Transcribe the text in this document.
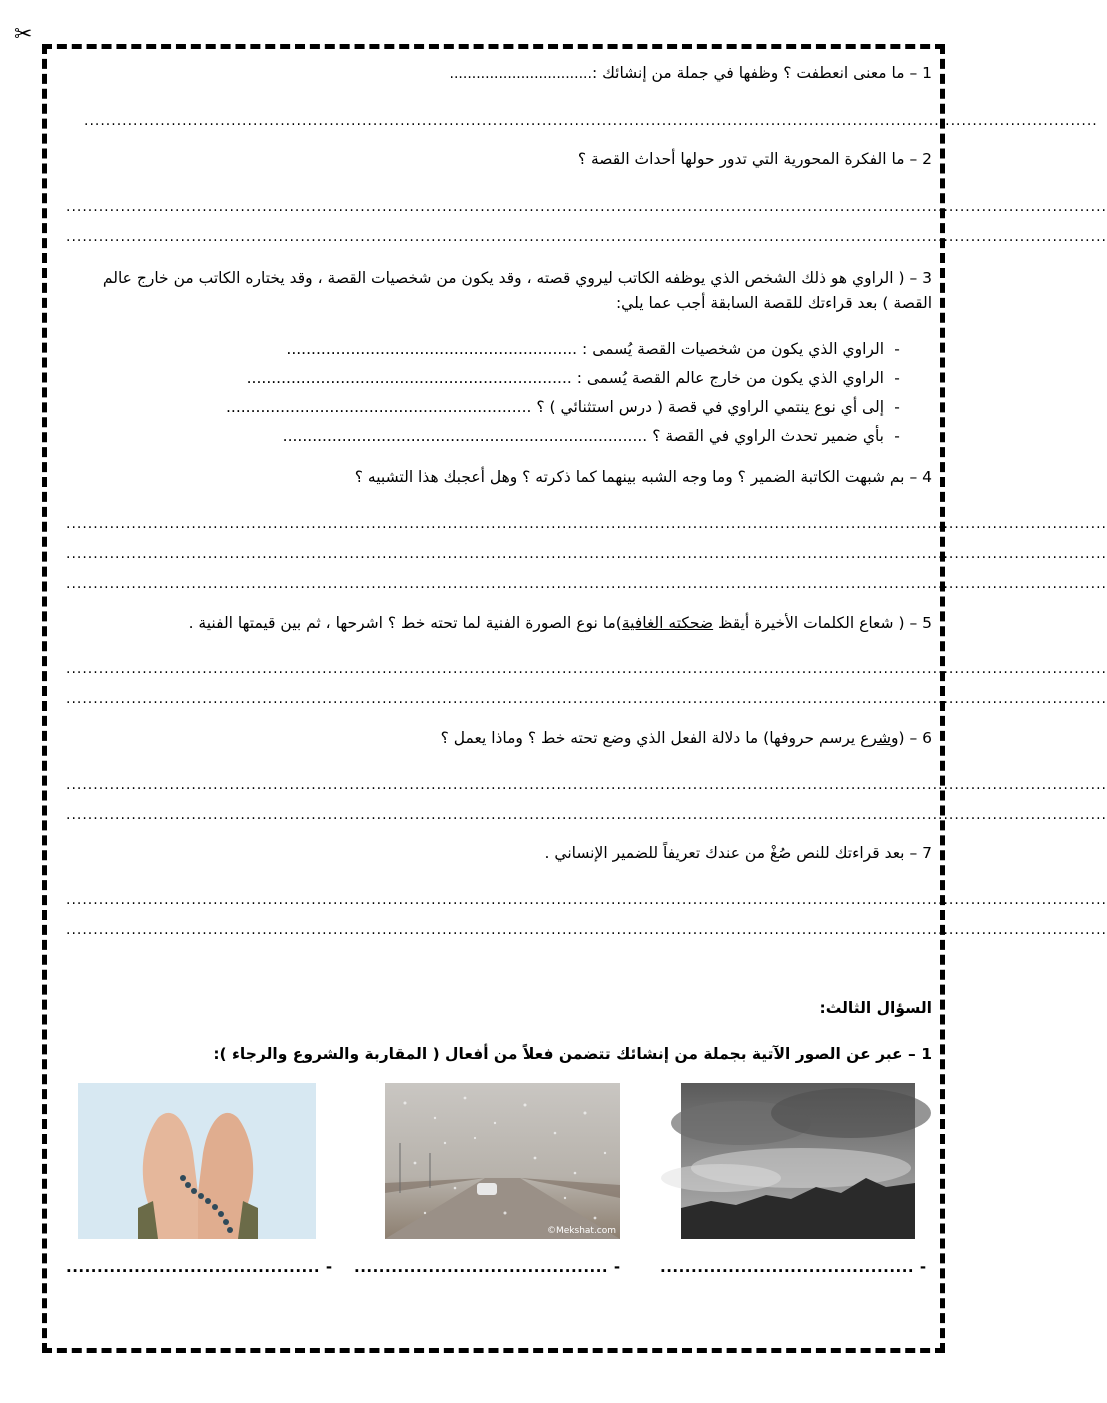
✂
1 – ما معنى انعطفت ؟ وظفها في جملة من إنشائك :................................
..........................................................................................................................................................................................
2 – ما الفكرة المحورية التي تدور حولها أحداث القصة ؟
...............................................................................................................................................................................................
...............................................................................................................................................................................................
3 – ( الراوي هو ذلك الشخص الذي يوظفه الكاتب ليروي قصته ، وقد يكون من شخصيات القصة ، وقد يختاره الكاتب من خارج عالم القصة ) بعد قراءتك للقصة السابقة أجب عما يلي:
-الراوي الذي يكون من شخصيات القصة يُسمى : ...........................................................
-الراوي الذي يكون من خارج عالم القصة يُسمى : ..................................................................
-إلى أي نوع ينتمي الراوي في قصة ( درس استثنائي ) ؟ ..............................................................
-بأي ضمير تحدث الراوي في القصة ؟ ..........................................................................
4 – بم شبهت الكاتبة الضمير ؟ وما وجه الشبه بينهما كما ذكرته ؟ وهل أعجبك هذا التشبيه ؟
...............................................................................................................................................................................................
...............................................................................................................................................................................................
...............................................................................................................................................................................................
5 – ( شعاع الكلمات الأخيرة أيقظ ضحكته الغافية)ما نوع الصورة الفنية لما تحته خط ؟ اشرحها ، ثم بين قيمتها الفنية .
...............................................................................................................................................................................................
...............................................................................................................................................................................................
6 – (وشرع يرسم حروفها) ما دلالة الفعل الذي وضع تحته خط ؟ وماذا يعمل ؟
...............................................................................................................................................................................................
...............................................................................................................................................................................................
7 – بعد قراءتك للنص صُغْ من عندك تعريفاً للضمير الإنساني .
...............................................................................................................................................................................................
...............................................................................................................................................................................................
السؤال الثالث:
1 – عبر عن الصور الآتية بجملة من إنشائك تتضمن فعلاً من أفعال ( المقاربة والشروع والرجاء ):
©Mekshat.com
......................................... - ......................................... -	......................................... -
